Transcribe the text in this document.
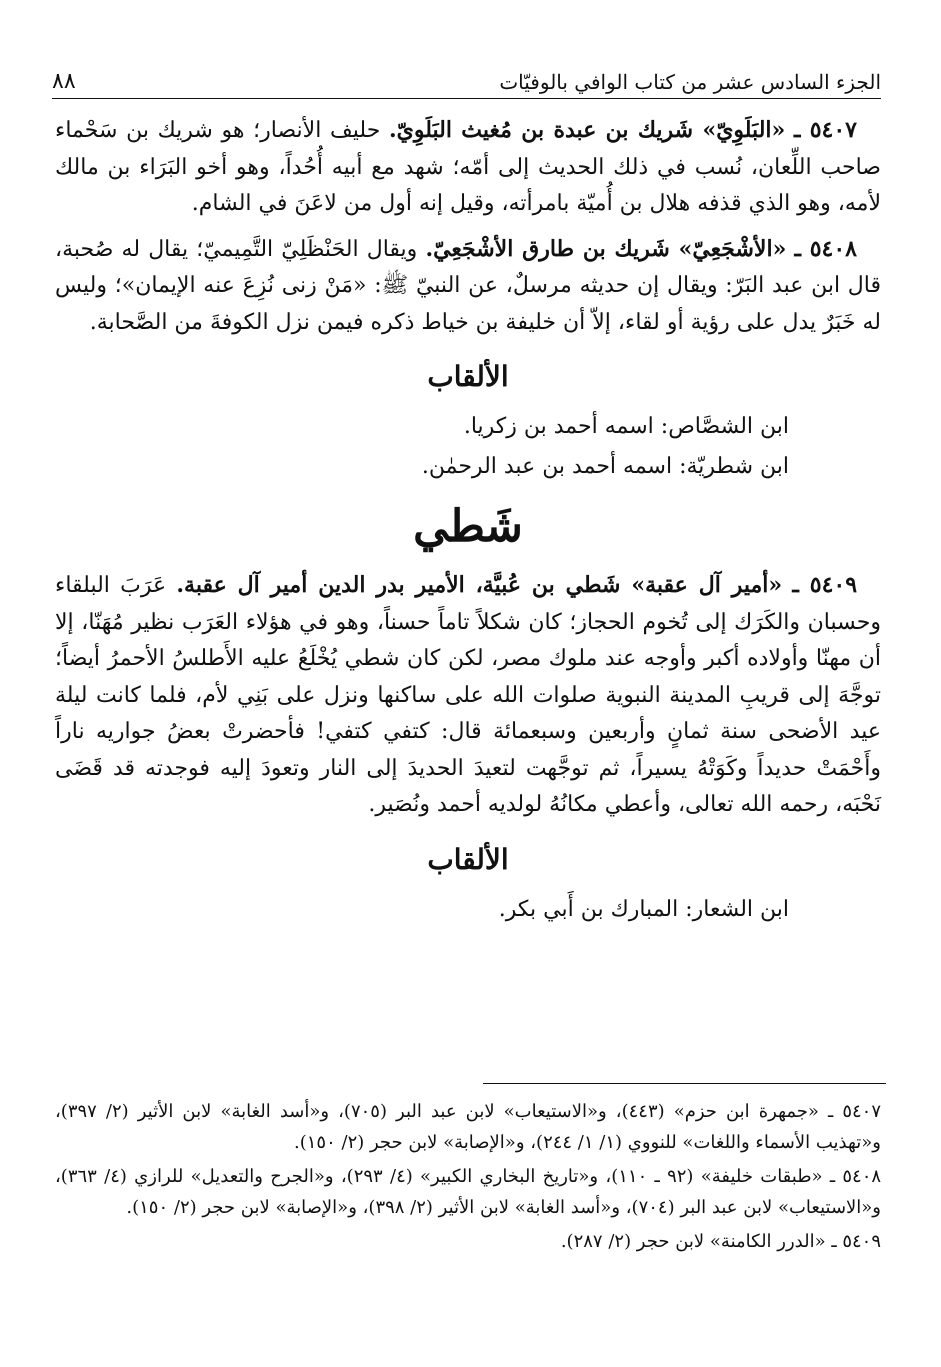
الجزء السادس عشر من كتاب الوافي بالوفيّات
٨٨

٥٤٠٧ ـ «البَلَوِيّ» شَريك بن عبدة بن مُغيث البَلَوِيّ. حليف الأنصار؛ هو شريك بن سَحْماء صاحب اللِّعان، نُسب في ذلك الحديث إلى أمّه؛ شهد مع أبيه أُحُداً، وهو أخو البَرَاء بن مالك لأمه، وهو الذي قذفه هلال بن أُميّة بامرأته، وقيل إنه أول من لاعَنَ في الشام.

٥٤٠٨ ـ «الأشْجَعِيّ» شَريك بن طارق الأشْجَعِيّ. ويقال الحَنْظَلِيّ التَّمِيميّ؛ يقال له صُحبة، قال ابن عبد البَرّ: ويقال إن حديثه مرسلٌ، عن النبيّ ﷺ: «مَنْ زنى نُزِعَ عنه الإيمان»؛ وليس له خَبَرٌ يدل على رؤية أو لقاء، إلاّ أن خليفة بن خياط ذكره فيمن نزل الكوفةَ من الصَّحابة.

الألقاب
ابن الشصَّاص: اسمه أحمد بن زكريا.
ابن شطريّة: اسمه أحمد بن عبد الرحمٰن.
شَطي

٥٤٠٩ ـ «أمير آل عقبة» شَطي بن عُبيَّة، الأمير بدر الدين أمير آل عقبة. عَرَبَ البلقاء وحسبان والكَرَك إلى تُخوم الحجاز؛ كان شكلاً تاماً حسناً، وهو في هؤلاء العَرَب نظير مُهَنّا، إلا أن مهنّا وأولاده أكبر وأوجه عند ملوك مصر، لكن كان شطي يُخْلَعُ عليه الأَطلسُ الأحمرُ أيضاً؛ توجَّهَ إلى قريبِ المدينة النبوية صلوات الله على ساكنها ونزل على بَنِي لأم، فلما كانت ليلة عيد الأضحى سنة ثمانٍ وأربعين وسبعمائة قال: كتفي كتفي! فأحضرتْ بعضُ جواريه ناراً وأَحْمَتْ حديداً وكَوَتْهُ يسيراً، ثم توجَّهت لتعيدَ الحديدَ إلى النار وتعودَ إليه فوجدته قد قَضَى نَحْبَه، رحمه الله تعالى، وأعطي مكانُهُ لولديه أحمد ونُصَير.

الألقاب
ابن الشعار: المبارك بن أَبي بكر.

٥٤٠٧ ـ «جمهرة ابن حزم» (٤٤٣)، و«الاستيعاب» لابن عبد البر (٧٠٥)، و«أسد الغابة» لابن الأثير (٢/ ٣٩٧)، و«تهذيب الأسماء واللغات» للنووي (١/ ١/ ٢٤٤)، و«الإصابة» لابن حجر (٢/ ١٥٠).

٥٤٠٨ ـ «طبقات خليفة» (٩٢ ـ ١١٠)، و«تاريخ البخاري الكبير» (٤/ ٢٩٣)، و«الجرح والتعديل» للرازي (٤/ ٣٦٣)، و«الاستيعاب» لابن عبد البر (٧٠٤)، و«أسد الغابة» لابن الأثير (٢/ ٣٩٨)، و«الإصابة» لابن حجر (٢/ ١٥٠).

٥٤٠٩ ـ «الدرر الكامنة» لابن حجر (٢/ ٢٨٧).
